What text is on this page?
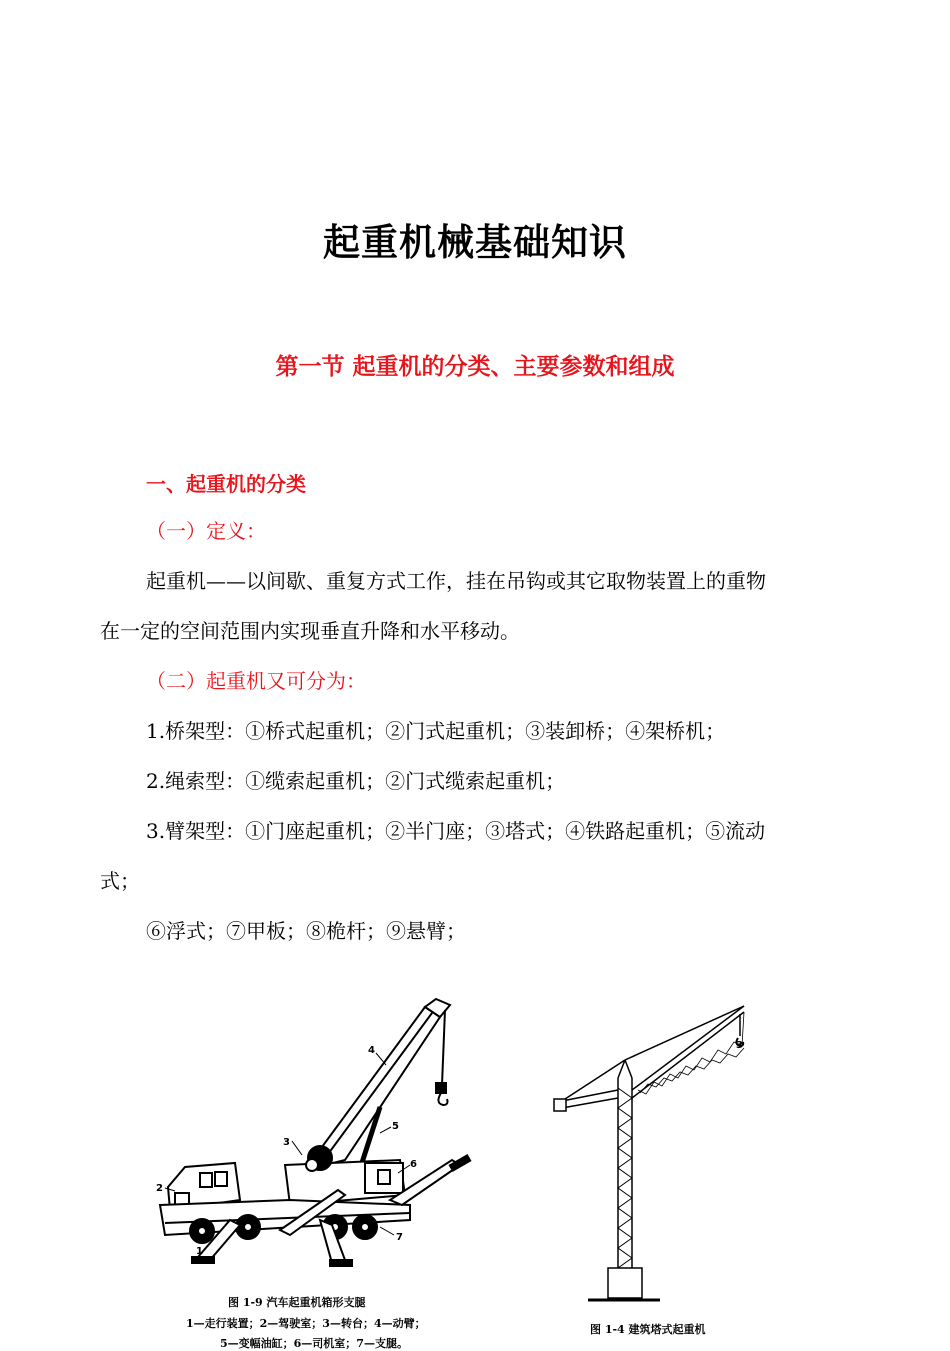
起重机械基础知识
第一节 起重机的分类、主要参数和组成
一、起重机的分类
（一）定义：
起重机——以间歇、重复方式工作，挂在吊钩或其它取物装置上的重物
在一定的空间范围内实现垂直升降和水平移动。
（二）起重机又可分为：
1.桥架型：①桥式起重机；②门式起重机；③装卸桥；④架桥机；
2.绳索型：①缆索起重机；②门式缆索起重机；
3.臂架型：①门座起重机；②半门座；③塔式；④铁路起重机；⑤流动
式；
⑥浮式；⑦甲板；⑧桅杆；⑨悬臂；
1
2
3
4
5
6
7
图 1-9 汽车起重机箱形支腿
1—走行装置；2—驾驶室；3—转台；4—动臂；
5—变幅油缸；6—司机室；7—支腿。
3
图 1-4 建筑塔式起重机
